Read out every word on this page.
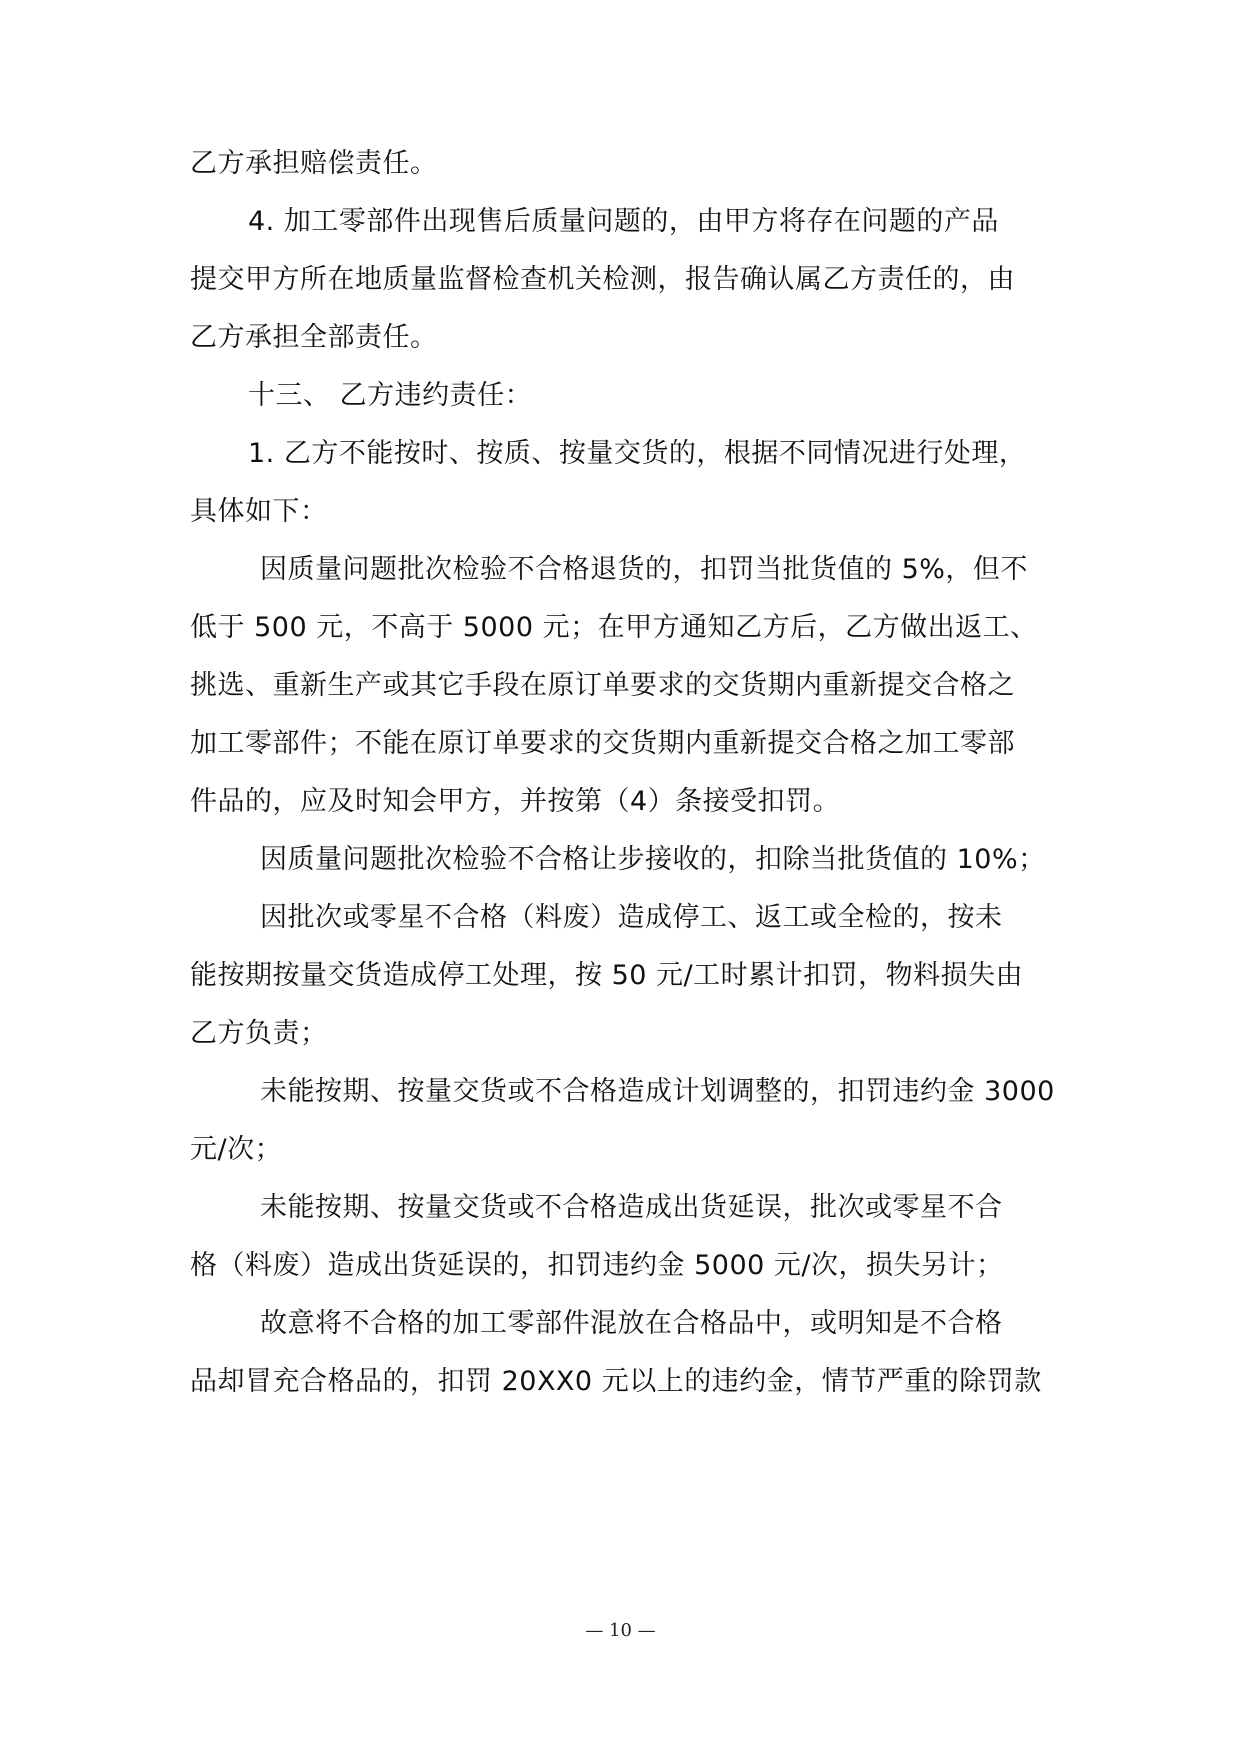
乙方承担赔偿责任。
4. 加工零部件出现售后质量问题的，由甲方将存在问题的产品
提交甲方所在地质量监督检查机关检测，报告确认属乙方责任的，由
乙方承担全部责任。
十三、 乙方违约责任：
1. 乙方不能按时、按质、按量交货的，根据不同情况进行处理，
具体如下：
因质量问题批次检验不合格退货的，扣罚当批货值的 5%，但不
低于 500 元，不高于 5000 元；在甲方通知乙方后，乙方做出返工、
挑选、重新生产或其它手段在原订单要求的交货期内重新提交合格之
加工零部件；不能在原订单要求的交货期内重新提交合格之加工零部
件品的，应及时知会甲方，并按第（4）条接受扣罚。
因质量问题批次检验不合格让步接收的，扣除当批货值的 10%；
因批次或零星不合格（料废）造成停工、返工或全检的，按未
能按期按量交货造成停工处理，按 50 元/工时累计扣罚，物料损失由
乙方负责；
未能按期、按量交货或不合格造成计划调整的，扣罚违约金 3000
元/次；
未能按期、按量交货或不合格造成出货延误，批次或零星不合
格（料废）造成出货延误的，扣罚违约金 5000 元/次，损失另计；
故意将不合格的加工零部件混放在合格品中，或明知是不合格
品却冒充合格品的，扣罚 20XX0 元以上的违约金，情节严重的除罚款
— 10 —
